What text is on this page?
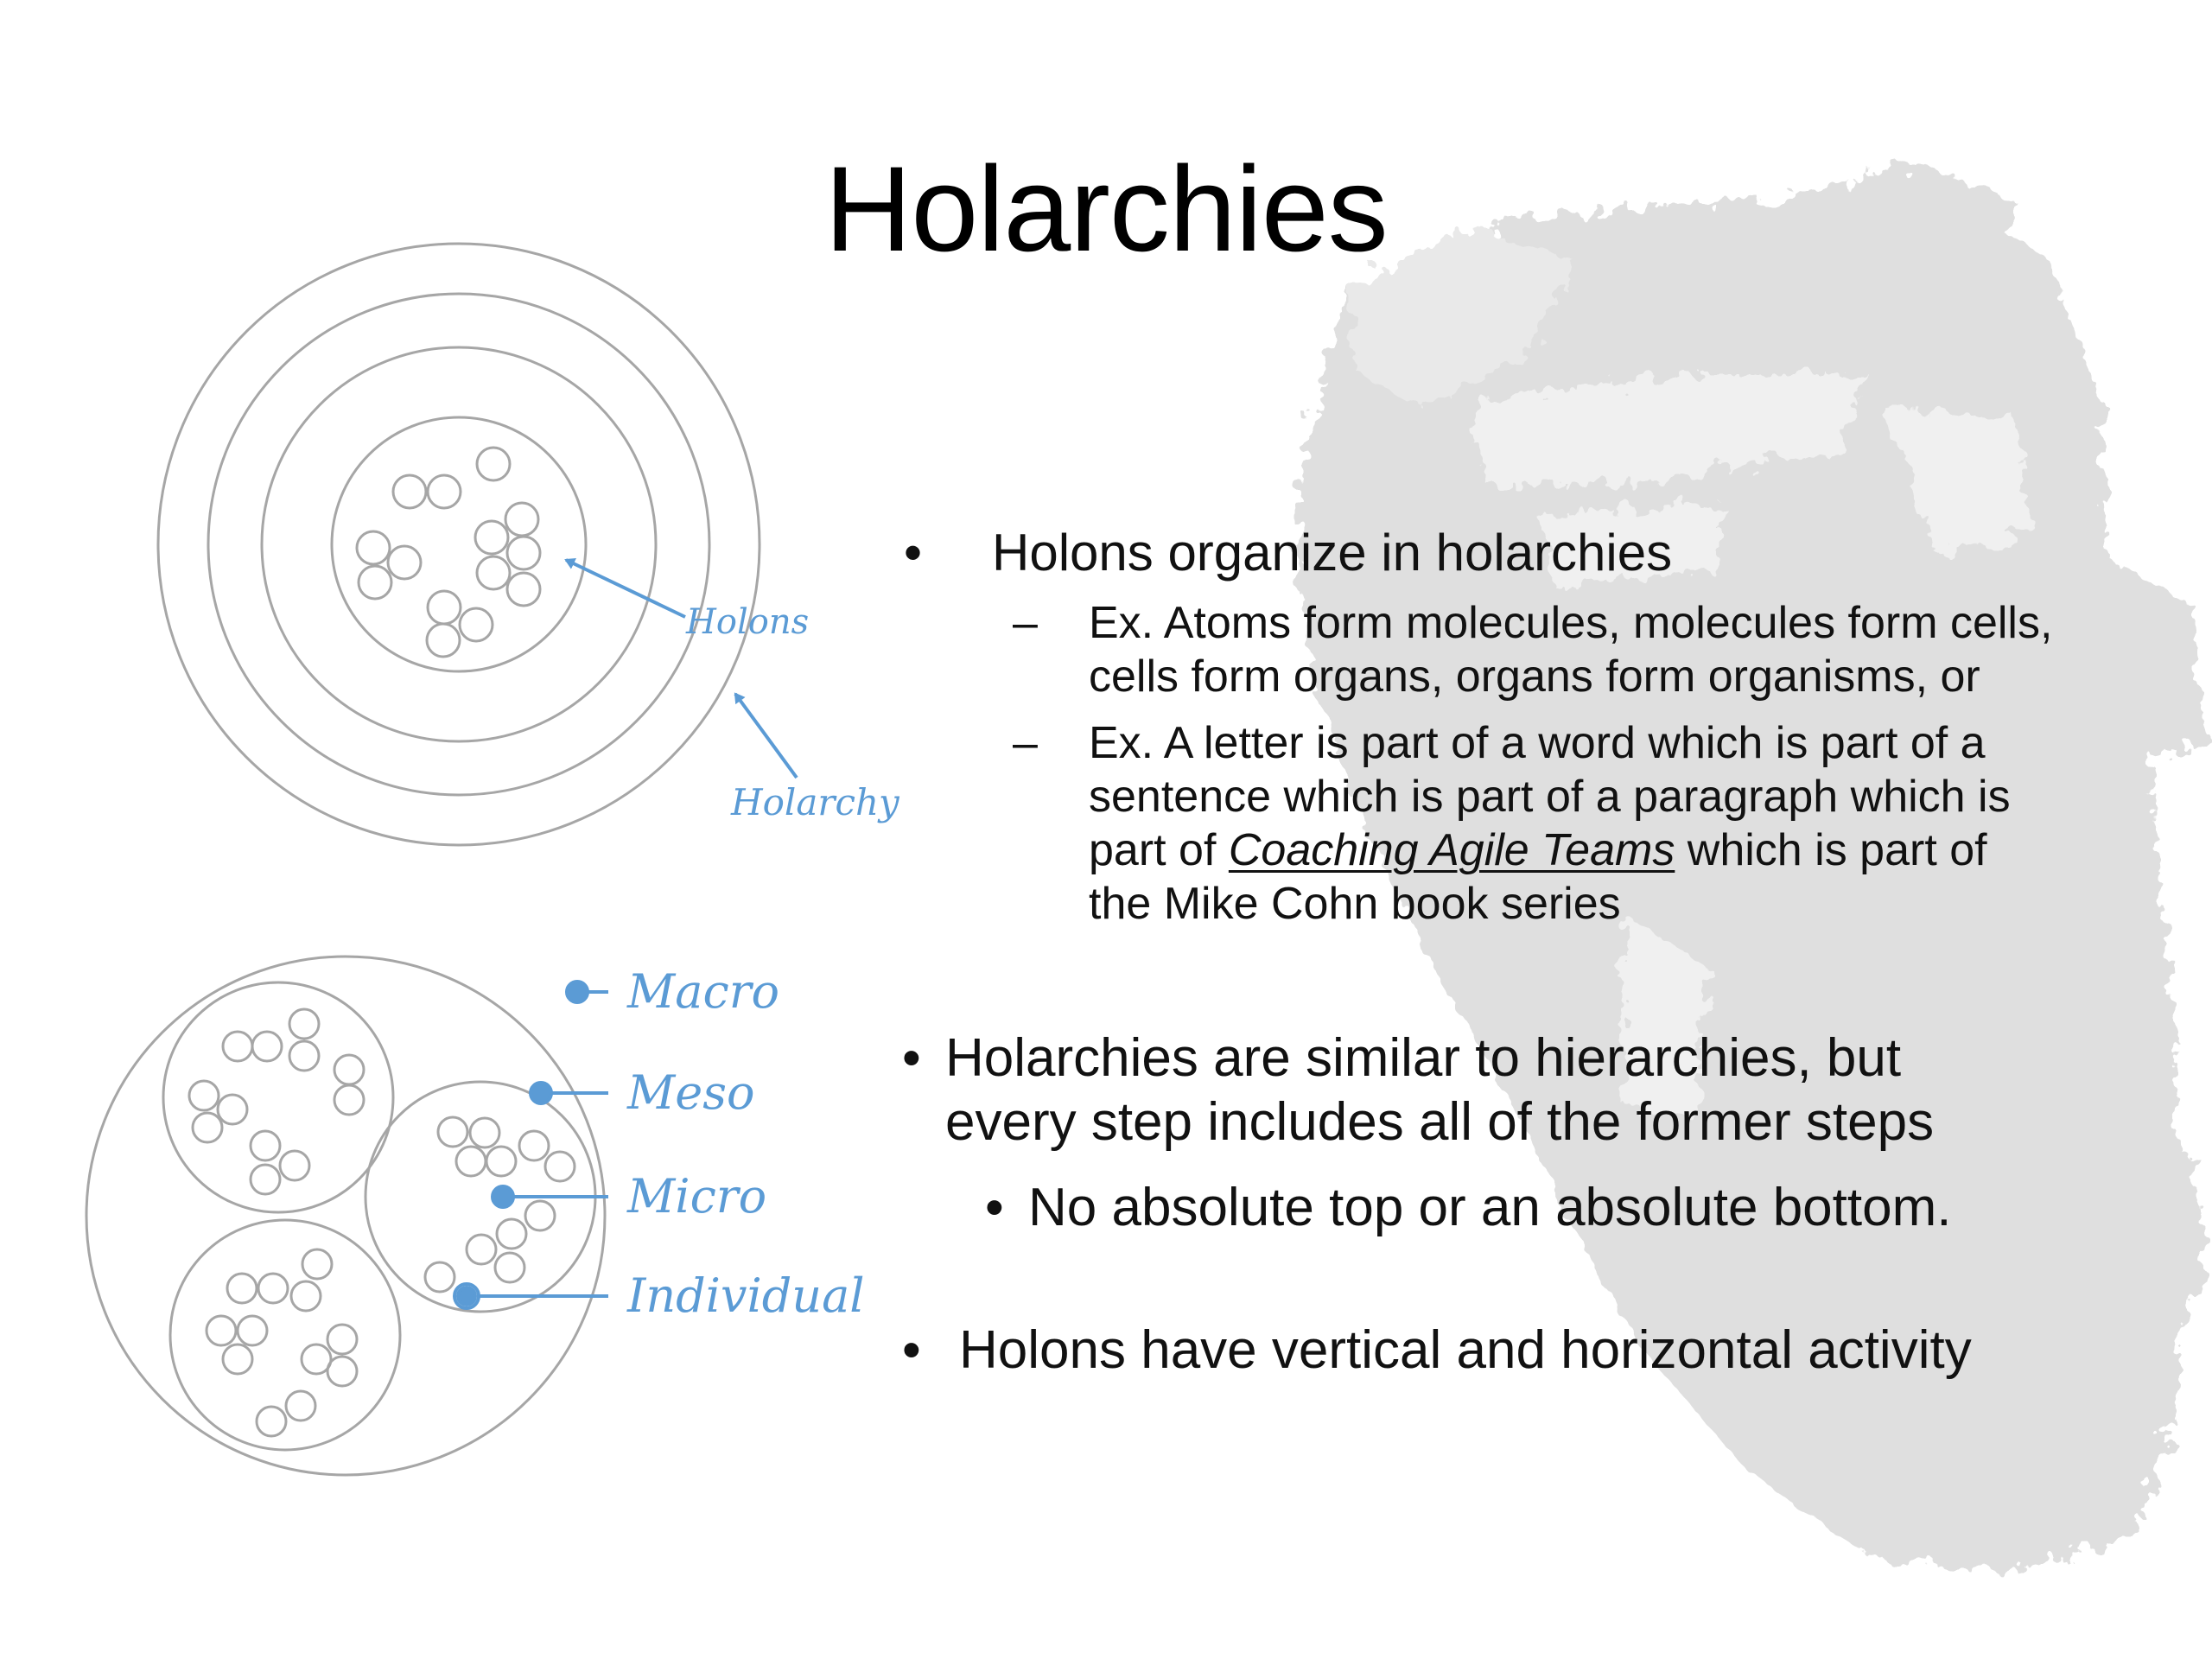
Holons
Holarchy
Macro
Meso
Micro
Individual
Holarchies
• Holons organize in holarchies
– Ex. Atoms form molecules, molecules form cells,
cells form organs, organs form organisms, or
– Ex. A letter is part of a word which is part of a
sentence which is part of a paragraph which is
part of Coaching Agile Teams which is part of
the Mike Cohn book series
• Holarchies are similar to hierarchies, but
every step includes all of the former steps
• No absolute top or an absolute bottom.
• Holons have vertical and horizontal activity
